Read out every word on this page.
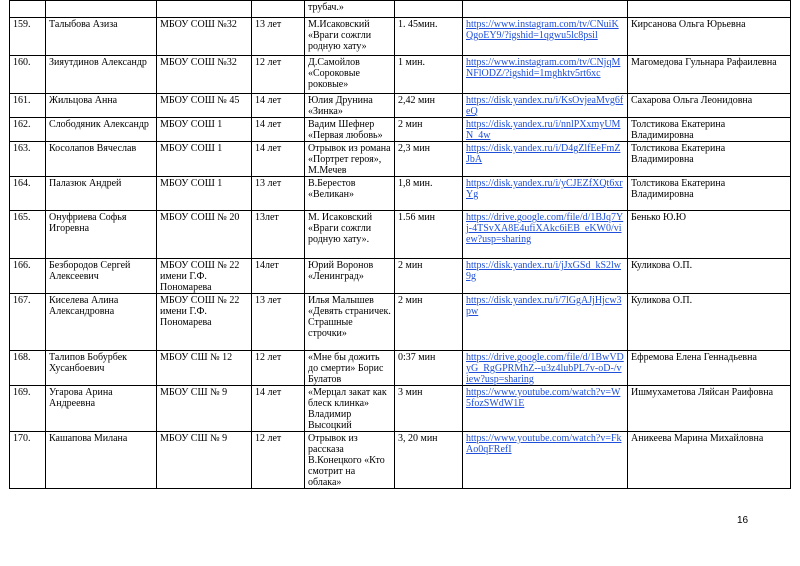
				трубач.»			
159.	Талыбова Азиза	МБОУ СОШ №32	13 лет	М.Исаковский «Враги сожгли родную хату»	1. 45мин.	https://www.instagram.com/tv/CNuiKQgoEY9/?igshid=1qgwu5lc8psil	Кирсанова Ольга Юрьевна
160.	Зияутдинов Александр	МБОУ СОШ №32	12 лет	Д.Самойлов «Сороковые роковые»	1 мин.	https://www.instagram.com/tv/CNjqMNFlODZ/?igshid=1mghktv5rt6xc	Магомедова Гульнара Рафаилевна
161.	Жильцова Анна	МБОУ СОШ № 45	14 лет	Юлия Друнина «Зинка»	2,42 мин	https://disk.yandex.ru/i/KsOvjeaMvg6feQ	Сахарова Ольга Леонидовна
162.	Слободяник Александр	МБОУ СОШ 1	14 лет	Вадим Шефнер «Первая любовь»	2 мин	https://disk.yandex.ru/i/nnlPXxmyUMN_4w	Толстикова Екатерина Владимировна
163.	Косолапов Вячеслав	МБОУ СОШ 1	14 лет	Отрывок из романа «Портрет героя», М.Мечев	2,3 мин	https://disk.yandex.ru/i/D4gZlfEeFmZJbA	Толстикова Екатерина Владимировна
164.	Палазюк Андрей	МБОУ СОШ 1	13 лет	В.Берестов «Великан»	1,8 мин.	https://disk.yandex.ru/i/yCJEZfXQt6xrYg	Толстикова Екатерина Владимировна
165.	Онуфриева Софья Игоревна	МБОУ СОШ № 20	13лет	М. Исаковский «Враги сожгли родную хату».	1.56 мин	https://drive.google.com/file/d/1BJq7Yj-4TSvXA8E4ufiXAkc6iEB_eKW0/view?usp=sharing	Бенько Ю.Ю
166.	Безбородов Сергей Алексеевич	МБОУ СОШ № 22 имени Г.Ф. Пономарева	14лет	Юрий Воронов «Ленинград»	2 мин	https://disk.yandex.ru/i/jJxGSd_kS2lw9g	Куликова О.П.
167.	Киселева Алина Александровна	МБОУ СОШ № 22 имени Г.Ф. Пономарева	13 лет	Илья Малышев «Девять страничек. Страшные строчки»	2 мин	https://disk.yandex.ru/i/7lGgAJjHjcw3pw	Куликова О.П.
168.	Талипов Бобурбек Хусанбоевич	МБОУ СШ № 12	12 лет	«Мне бы дожить до смерти» Борис Булатов	0:37 мин	https://drive.google.com/file/d/1BwVDyG_RgGPRMhZ--u3z4lubPL7v-oD-/view?usp=sharing	Ефремова Елена Геннадьевна
169.	Угарова Арина Андреевна	МБОУ СШ № 9	14 лет	«Мерцал закат как блеск клинка» Владимир Высоцкий	3 мин	https://www.youtube.com/watch?v=W5fozSWdW1E	Ишмухаметова Ляйсан Раифовна
170.	Кашапова Милана	МБОУ СШ № 9	12 лет	Отрывок из рассказа В.Конецкого «Кто смотрит на облака»	3, 20 мин	https://www.youtube.com/watch?v=FkAo0qFRefI	Аникеева Марина Михайловна
16
